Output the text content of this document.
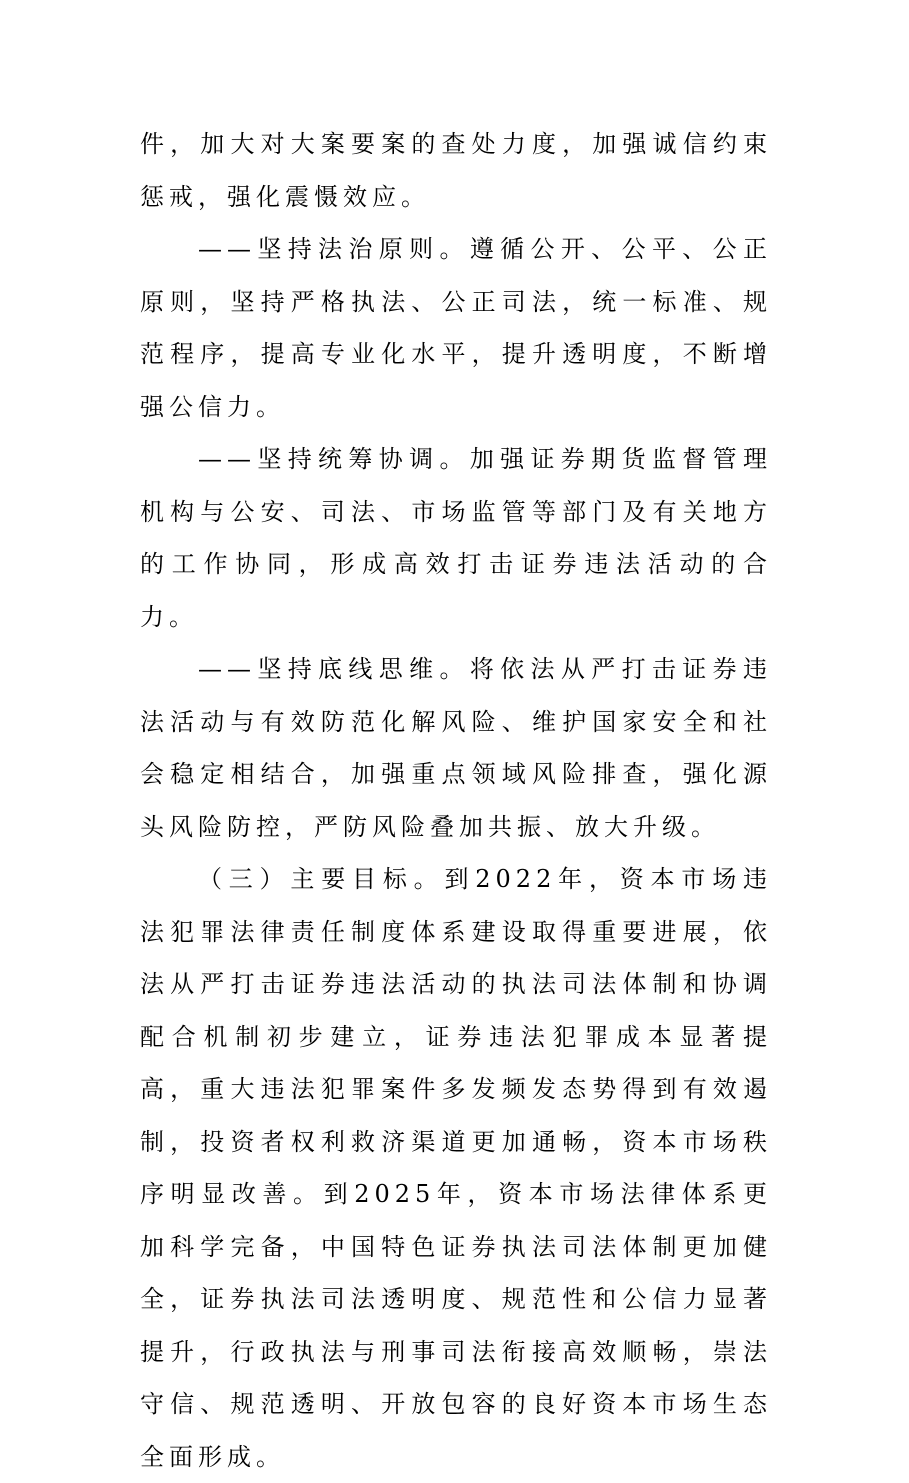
件，加大对大案要案的查处力度，加强诚信约束惩戒，强化震慑效应。

——坚持法治原则。遵循公开、公平、公正原则，坚持严格执法、公正司法，统一标准、规范程序，提高专业化水平，提升透明度，不断增强公信力。

——坚持统筹协调。加强证券期货监督管理机构与公安、司法、市场监管等部门及有关地方的工作协同，形成高效打击证券违法活动的合力。

——坚持底线思维。将依法从严打击证券违法活动与有效防范化解风险、维护国家安全和社会稳定相结合，加强重点领域风险排查，强化源头风险防控，严防风险叠加共振、放大升级。

（三）主要目标。到2022年，资本市场违法犯罪法律责任制度体系建设取得重要进展，依法从严打击证券违法活动的执法司法体制和协调配合机制初步建立，证券违法犯罪成本显著提高，重大违法犯罪案件多发频发态势得到有效遏制，投资者权利救济渠道更加通畅，资本市场秩序明显改善。到2025年，资本市场法律体系更加科学完备，中国特色证券执法司法体制更加健全，证券执法司法透明度、规范性和公信力显著提升，行政执法与刑事司法衔接高效顺畅，崇法守信、规范透明、开放包容的良好资本市场生态全面形成。
